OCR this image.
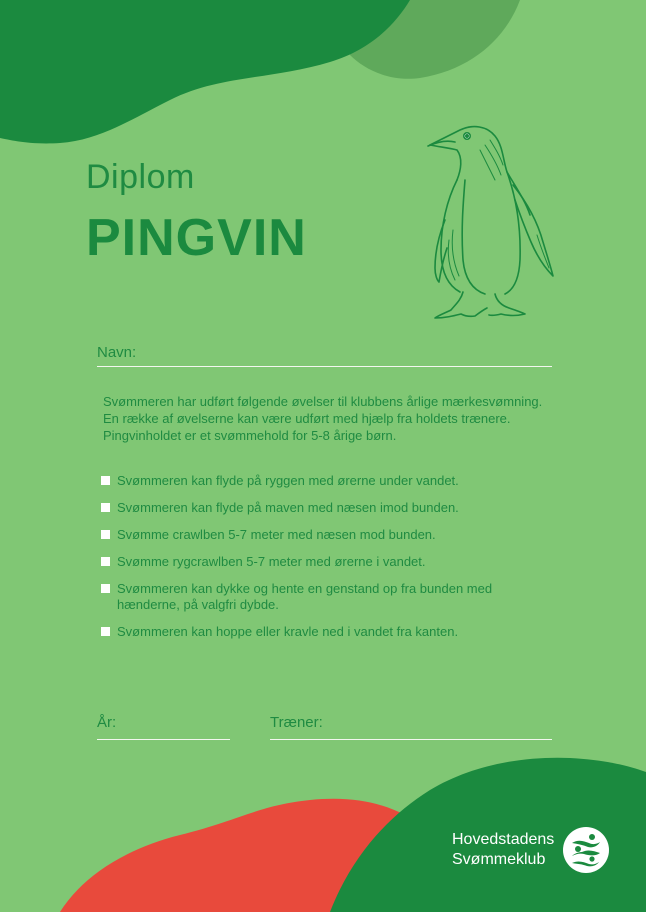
Diplom
PINGVIN
Navn:
Svømmeren har udført følgende øvelser til klubbens årlige mærkesvømning. En række af øvelserne kan være udført med hjælp fra holdets trænere. Pingvinholdet er et svømmehold for 5-8 årige børn.
Svømmeren kan flyde på ryggen med ørerne under vandet.
Svømmeren kan flyde på maven med næsen imod bunden.
Svømme crawlben 5-7 meter med næsen mod bunden.
Svømme rygcrawlben 5-7 meter med ørerne i vandet.
Svømmeren kan dykke og hente en genstand op fra bunden med hænderne, på valgfri dybde.
Svømmeren kan hoppe eller kravle ned i vandet fra kanten.
År:	Træner:
Hovedstadens
Svømmeklub
